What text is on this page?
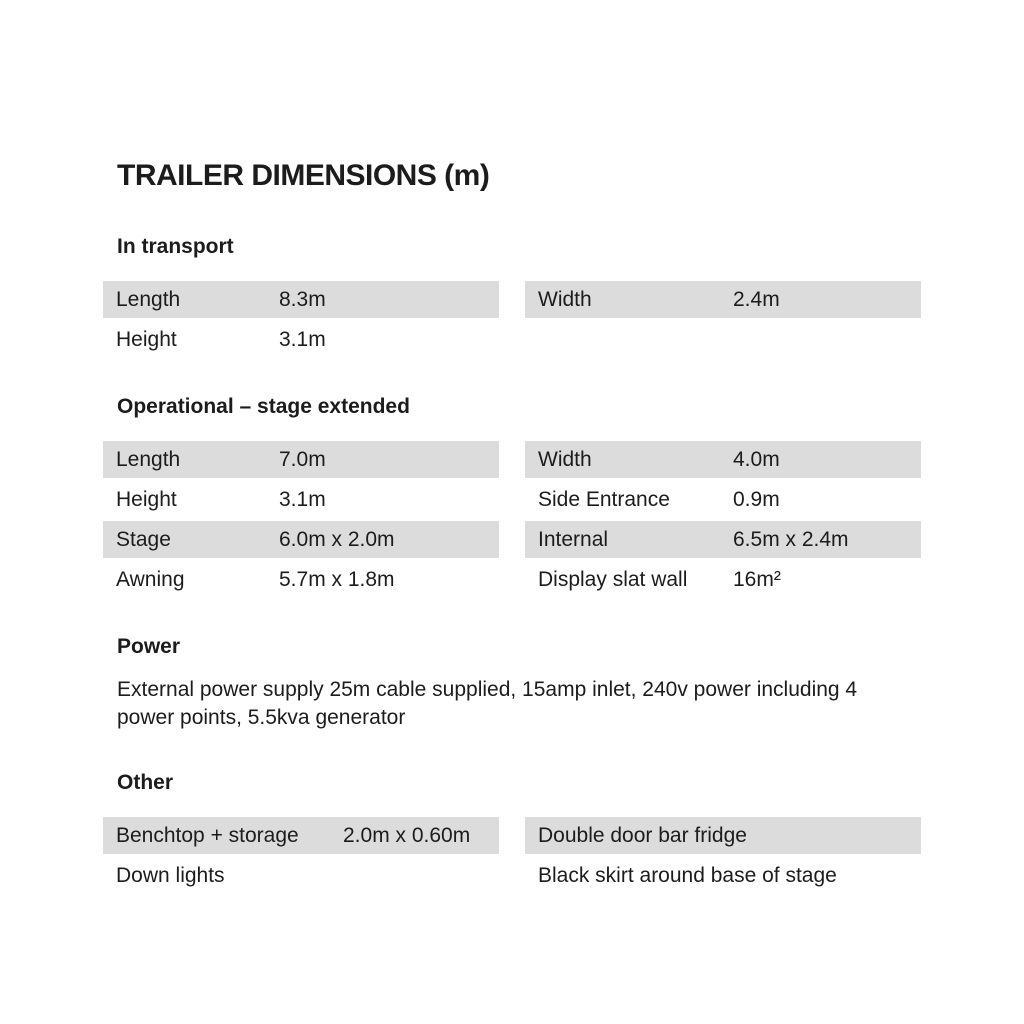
TRAILER DIMENSIONS (m)
In transport
Length	8.3m
Height	3.1m
Width	2.4m
Operational – stage extended
Length	7.0m
Height	3.1m
Stage	6.0m x 2.0m
Awning	5.7m x 1.8m
Width	4.0m
Side Entrance	0.9m
Internal	6.5m x 2.4m
Display slat wall 16m²
Power

External power supply 25m cable supplied, 15amp inlet, 240v power including 4 power points, 5.5kva generator

Other
Benchtop + storage 2.0m x 0.60m
Down lights
Double door bar fridge
Black skirt around base of stage
